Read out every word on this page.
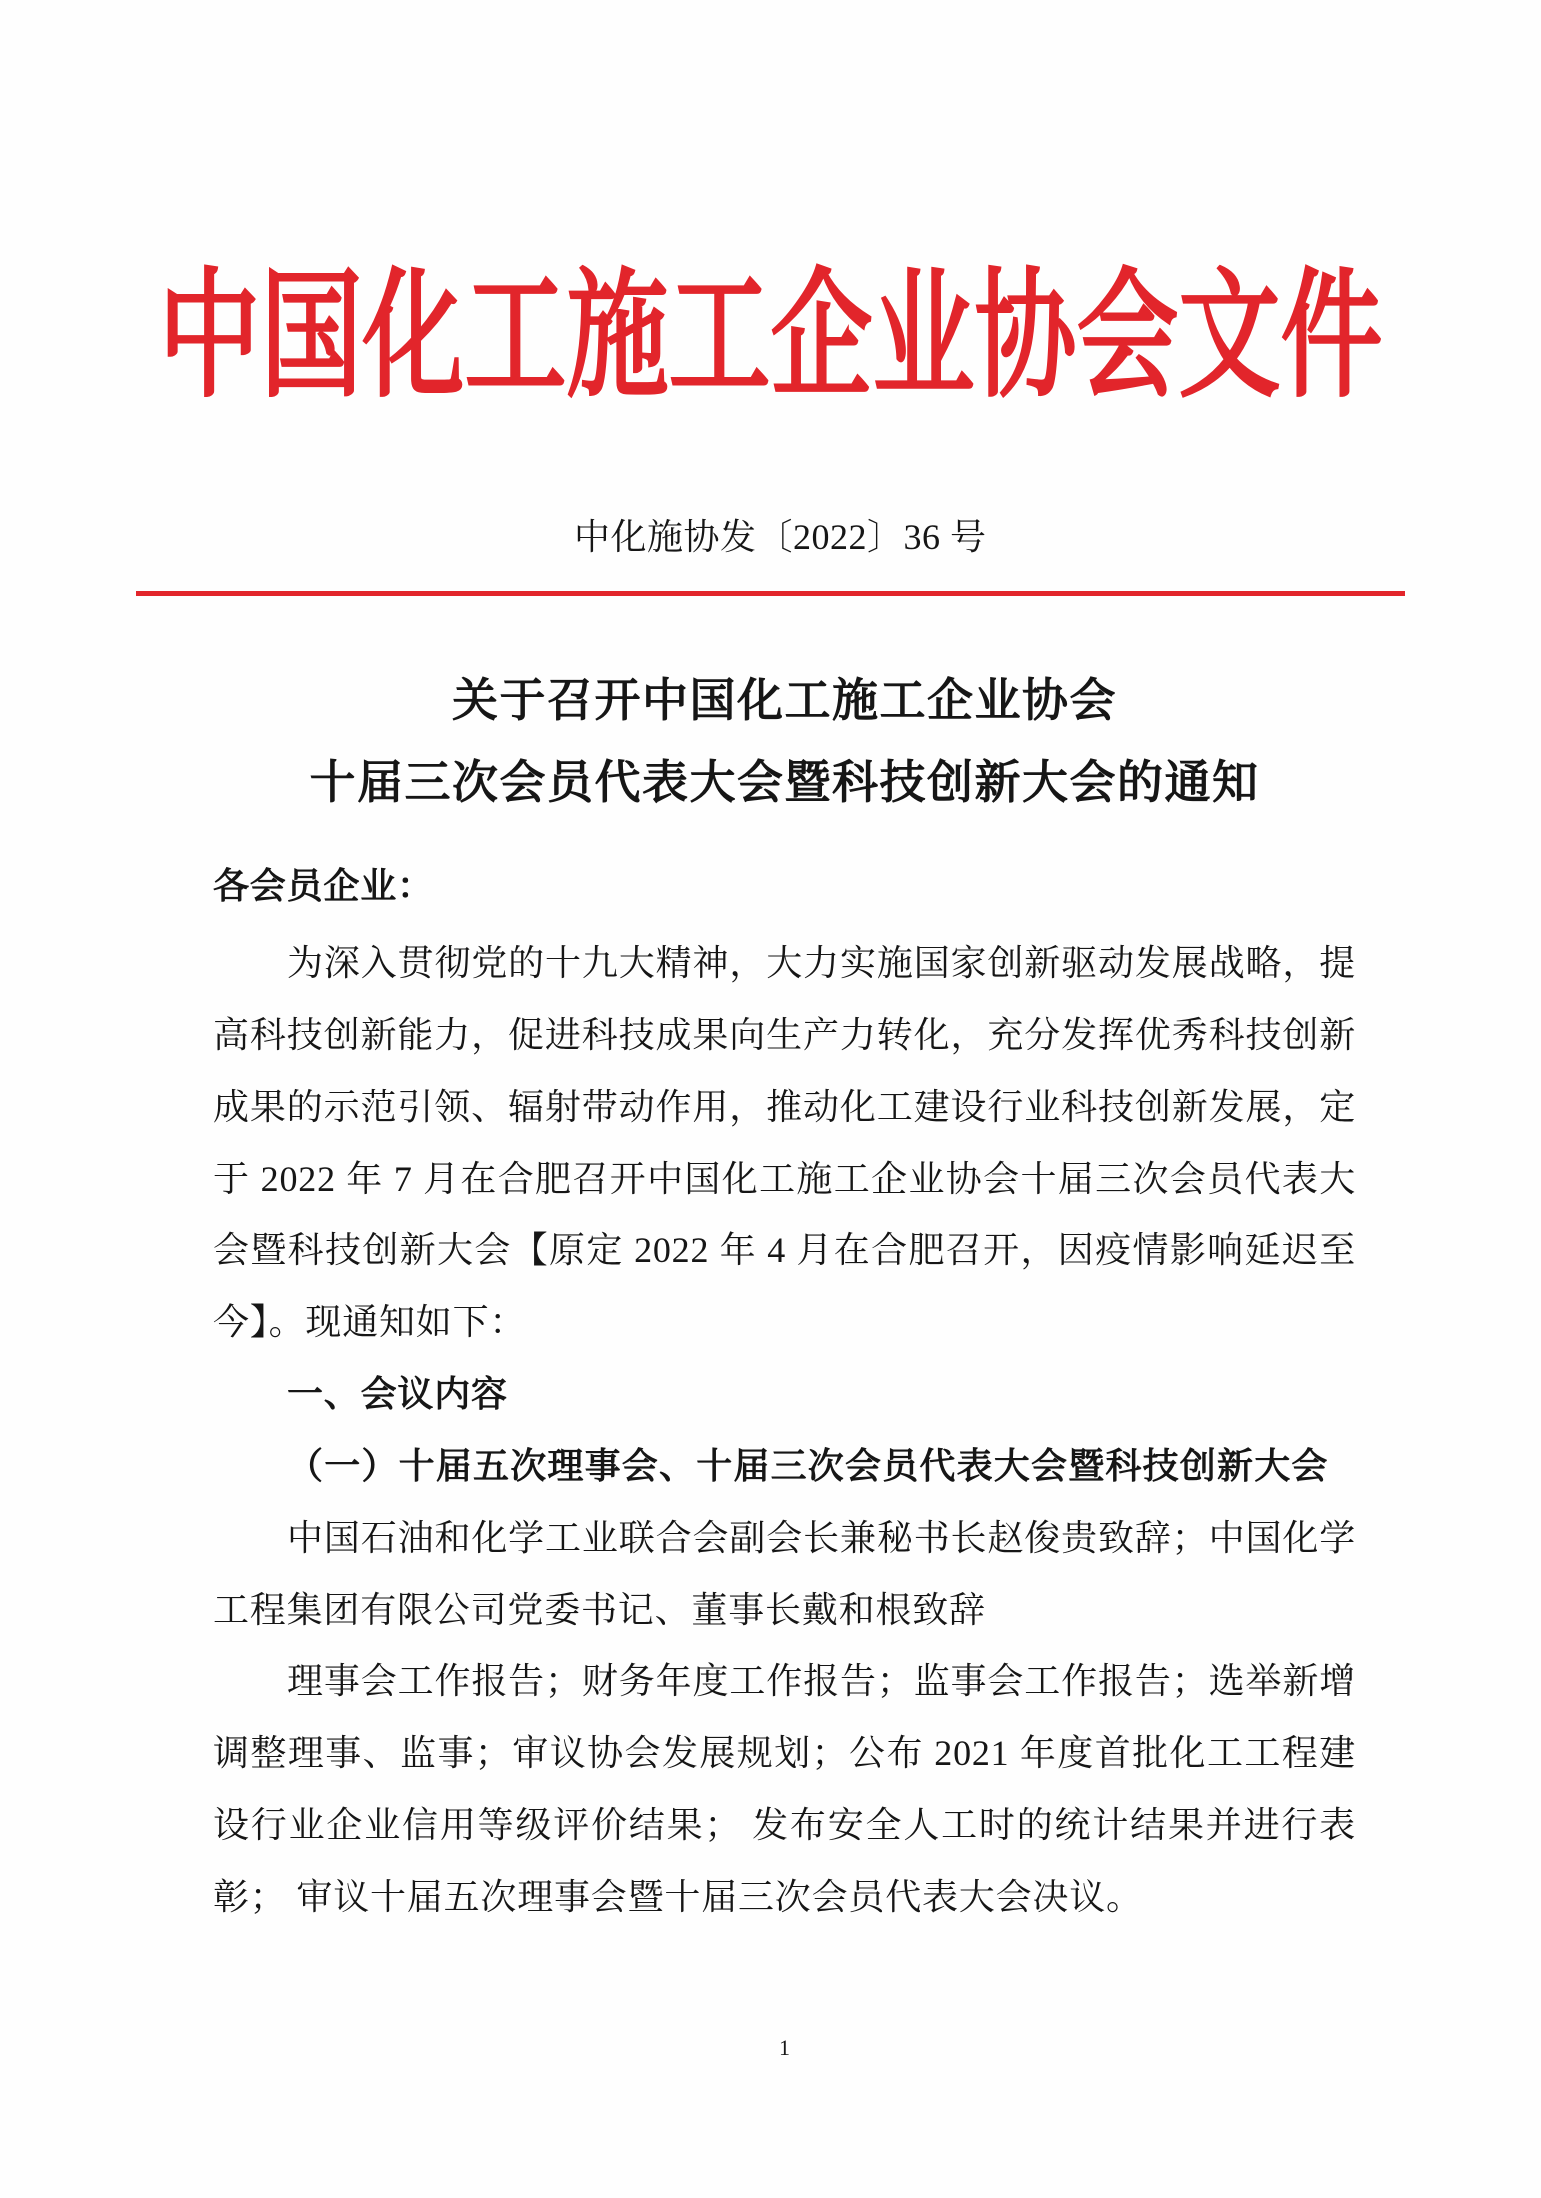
中国化工施工企业协会文件
中化施协发〔2022〕36 号
关于召开中国化工施工企业协会
十届三次会员代表大会暨科技创新大会的通知
各会员企业：
为深入贯彻党的十九大精神，大力实施国家创新驱动发展战略，提
高科技创新能力，促进科技成果向生产力转化，充分发挥优秀科技创新
成果的示范引领、辐射带动作用，推动化工建设行业科技创新发展，定
于 2022 年 7 月在合肥召开中国化工施工企业协会十届三次会员代表大
会暨科技创新大会【原定 2022 年 4 月在合肥召开，因疫情影响延迟至
今】。现通知如下：
一、会议内容
（一）十届五次理事会、十届三次会员代表大会暨科技创新大会
中国石油和化学工业联合会副会长兼秘书长赵俊贵致辞；中国化学
工程集团有限公司党委书记、董事长戴和根致辞
理事会工作报告；财务年度工作报告；监事会工作报告；选举新增
调整理事、监事；审议协会发展规划；公布 2021 年度首批化工工程建
设行业企业信用等级评价结果； 发布安全人工时的统计结果并进行表
彰； 审议十届五次理事会暨十届三次会员代表大会决议。
1
